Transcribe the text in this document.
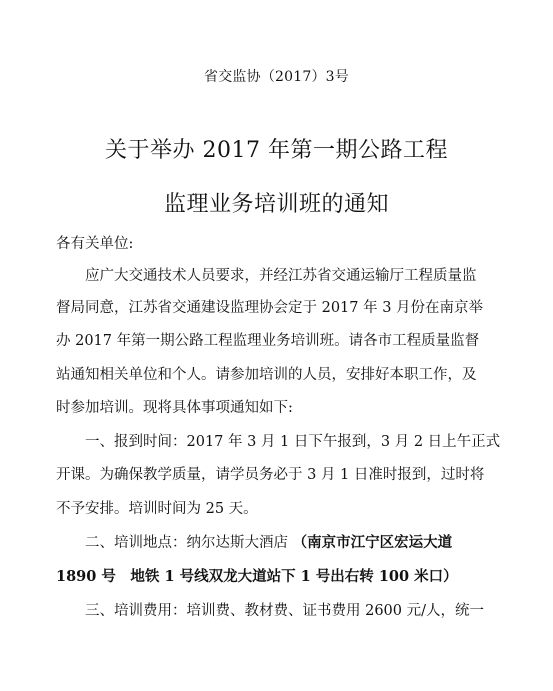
省交监协（2017）3号
关于举办 2017 年第一期公路工程
监理业务培训班的通知
各有关单位:
应广大交通技术人员要求，并经江苏省交通运输厅工程质量监
督局同意，江苏省交通建设监理协会定于 2017 年 3 月份在南京举
办 2017 年第一期公路工程监理业务培训班。请各市工程质量监督
站通知相关单位和个人。请参加培训的人员，安排好本职工作，及
时参加培训。现将具体事项通知如下:
一、报到时间：2017 年 3 月 1 日下午报到，3 月 2 日上午正式
开课。为确保教学质量，请学员务必于 3 月 1 日准时报到，过时将
不予安排。培训时间为 25 天。
二、培训地点：纳尔达斯大酒店 （南京市江宁区宏运大道
1890 号　地铁 1 号线双龙大道站下 1 号出右转 100 米口）
三、培训费用：培训费、教材费、证书费用 2600 元/人，统一
